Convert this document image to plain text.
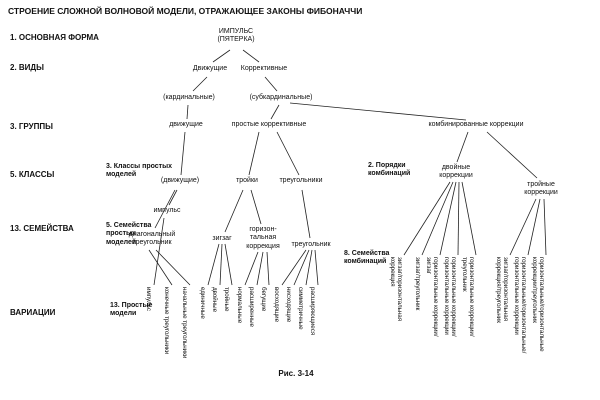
СТРОЕНИЕ СЛОЖНОЙ ВОЛНОВОЙ МОДЕЛИ, ОТРАЖАЮЩЕЕ ЗАКОНЫ ФИБОНАЧЧИ
Рис. 3-14
1. ОСНОВНАЯ ФОРМА
2. ВИДЫ
3. ГРУППЫ
5. КЛАССЫ
13. СЕМЕЙСТВА
ВАРИАЦИИ
ИМПУЛЬС
(ПЯТЕРКА)
Движущие Коррективные
(кардинальные)	(субкардинальные)
движущие	простые коррективные	комбинированные коррекции
3. Классы простых
моделей
(движущие)	тройки	треугольники
2. Порядки
комбинаций
двойные
коррекции
тройные
коррекции
5. Семейства
простых
моделей
импульс
диагональный
треугольник
зигзаг
горизон-
тальная
коррекция треугольник
8. Семейства
комбинаций
13. Простые
модели
импульс конечные треугольники начальные треугольники единичные двойные тройные нормальные расширенные бегущие восходящие нисходящие симметричные расширяющиеся	зигзаг/горизонтальная
коррекция	зигзаг/треугольник горизонтальные коррекции/
зигзаг	горизонтальные коррекции/
горизонтальные коррекции	горизонтальные коррекции/
треугольник	зигзаг/горизонтальная
коррекция/треугольник	горизонтальные/горизонтальные/
горизонтальные коррекции	горизонтальные/горизонтальные
коррекции/треугольник
